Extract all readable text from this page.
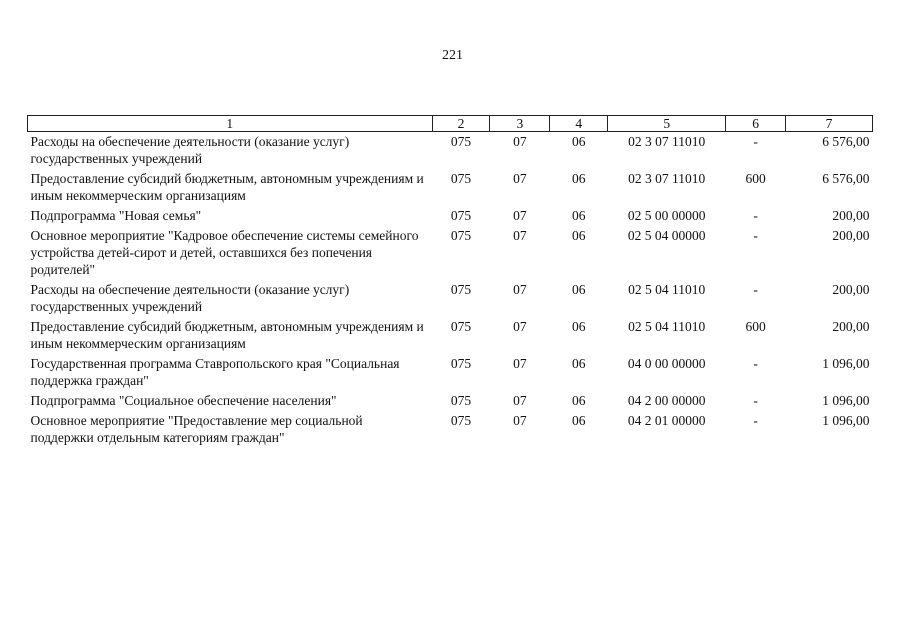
221
1	2	3	4	5	6	7
Расходы на обеспечение деятельности (оказание услуг) государственных учреждений	075	07	06	02 3 07 11010	-	6 576,00
Предоставление субсидий бюджетным, автономным учреждениям и иным некоммерческим организациям	075	07	06	02 3 07 11010	600	6 576,00
Подпрограмма "Новая семья"	075	07	06	02 5 00 00000	-	200,00
Основное мероприятие "Кадровое обеспечение системы семейного устройства детей-сирот и детей, оставшихся без попечения родителей"	075	07	06	02 5 04 00000	-	200,00
Расходы на обеспечение деятельности (оказание услуг) государственных учреждений	075	07	06	02 5 04 11010	-	200,00
Предоставление субсидий бюджетным, автономным учреждениям и иным некоммерческим организациям	075	07	06	02 5 04 11010	600	200,00
Государственная программа Ставропольского края "Социальная поддержка граждан"	075	07	06	04 0 00 00000	-	1 096,00
Подпрограмма "Социальное обеспечение населения"	075	07	06	04 2 00 00000	-	1 096,00
Основное мероприятие "Предоставление мер социальной поддержки отдельным категориям граждан"	075	07	06	04 2 01 00000	-	1 096,00
